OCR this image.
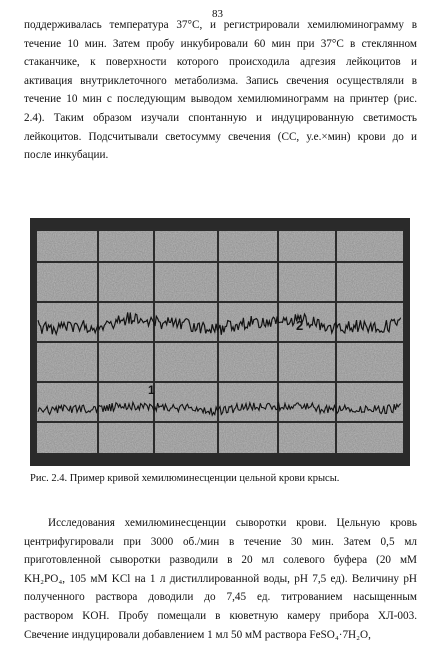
83
поддерживалась температура 37°С, и регистрировали хемилюминограмму в
течение 10 мин. Затем пробу инкубировали 60 мин при 37°С в стеклянном
стаканчике, к поверхности которого происходила адгезия лейкоцитов и
активация внутриклеточного метаболизма. Запись свечения осуществляли в
течение 10 мин с последующим выводом хемилюминограмм на принтер (рис.
2.4). Таким образом изучали спонтанную и индуцированную светимость
лейкоцитов. Подсчитывали светосумму свечения (СС, у.е.×мин) крови до и
после инкубации.
1
2
Рис. 2.4. Пример кривой хемилюминесценции цельной крови крысы.
Исследования хемилюминесценции сыворотки крови. Цельную кровь
центрифугировали при 3000 об./мин в течение 30 мин. Затем 0,5 мл
приготовленной сыворотки разводили в 20 мл солевого буфера (20 мМ
KH₂PO₄, 105 мМ KCl на 1 л дистиллированной воды, pH 7,5 ед). Величину pH
полученного раствора доводили до 7,45 ед. титрованием насыщенным
раствором KOH. Пробу помещали в кюветную камеру прибора ХЛ-003.
Свечение индуцировали добавлением 1 мл 50 мМ раствора FeSO₄·7H₂O,
